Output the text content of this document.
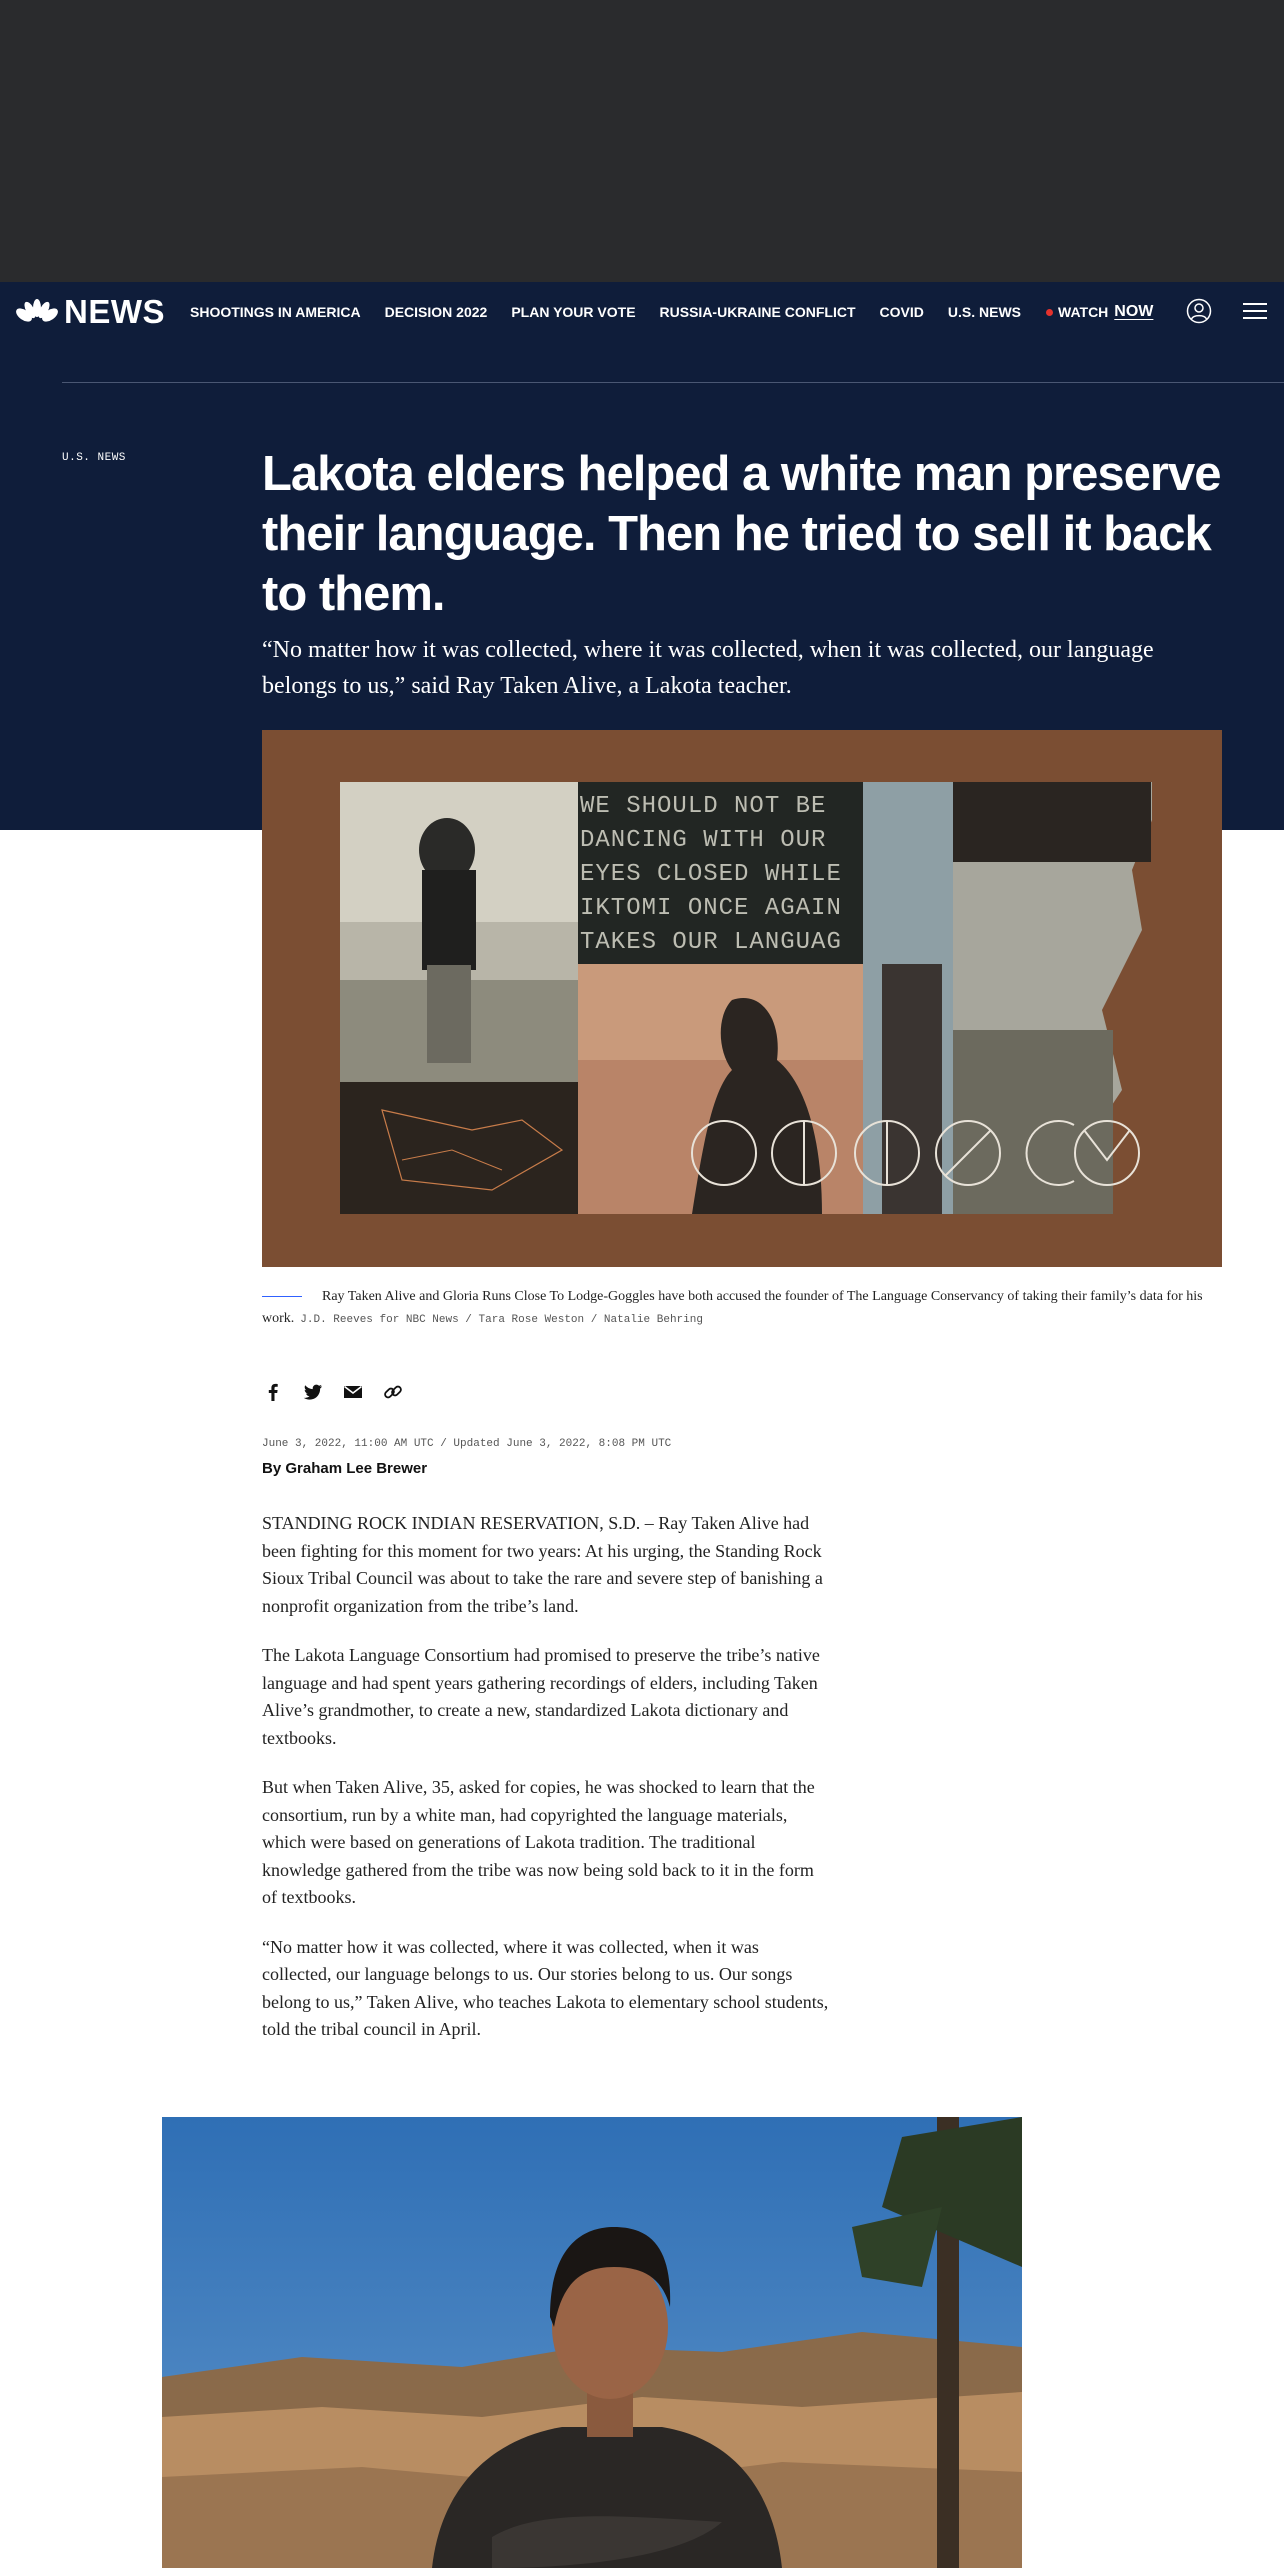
NEWS SHOOTINGS IN AMERICA DECISION 2022 PLAN YOUR VOTE RUSSIA-UKRAINE CONFLICT COVID U.S. NEWS	WATCH NOW
U.S. NEWS	Lakota elders helped a white man preserve their language. Then he tried to sell it back to them.

“No matter how it was collected, where it was collected, when it was collected, our language belongs to us,” said Ray Taken Alive, a Lakota teacher.

WE SHOULD NOT BE
DANCING WITH OUR
EYES CLOSED WHILE
IKTOMI ONCE AGAIN
TAKES OUR LANGUAG
Ray Taken Alive and Gloria Runs Close To Lodge-Goggles have both accused the founder of The Language Conservancy of taking their family’s data for his work. J.D. Reeves for NBC News / Tara Rose Weston / Natalie Behring
June 3, 2022, 11:00 AM UTC / Updated June 3, 2022, 8:08 PM UTC
By Graham Lee Brewer

STANDING ROCK INDIAN RESERVATION, S.D. – Ray Taken Alive had been fighting for this moment for two years: At his urging, the Standing Rock Sioux Tribal Council was about to take the rare and severe step of banishing a nonprofit organization from the tribe’s land.

The Lakota Language Consortium had promised to preserve the tribe’s native language and had spent years gathering recordings of elders, including Taken Alive’s grandmother, to create a new, standardized Lakota dictionary and textbooks.

But when Taken Alive, 35, asked for copies, he was shocked to learn that the consortium, run by a white man, had copyrighted the language materials, which were based on generations of Lakota tradition. The traditional knowledge gathered from the tribe was now being sold back to it in the form of textbooks.

“No matter how it was collected, where it was collected, when it was collected, our language belongs to us. Our stories belong to us. Our songs belong to us,” Taken Alive, who teaches Lakota to elementary school students, told the tribal council in April.
